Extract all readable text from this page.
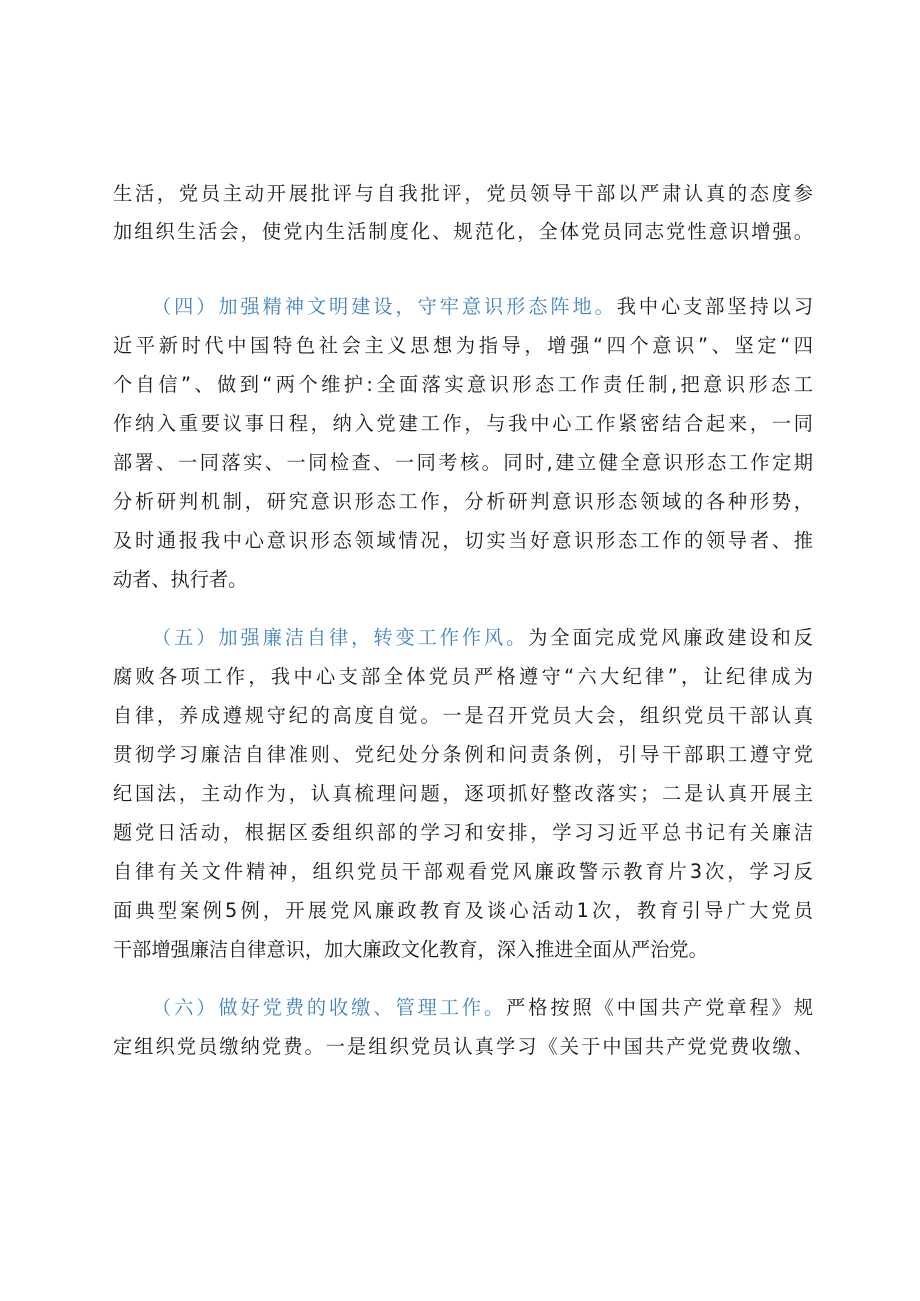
生活，党员主动开展批评与自我批评，党员领导干部以严肃认真的态度参
加组织生活会，使党内生活制度化、规范化，全体党员同志党性意识增强。
（四）加强精神文明建设，守牢意识形态阵地。我中心支部坚持以习
近平新时代中国特色社会主义思想为指导，增强“四个意识”、坚定“四
个自信”、做到“两个维护:全面落实意识形态工作责任制,把意识形态工
作纳入重要议事日程，纳入党建工作，与我中心工作紧密结合起来，一同
部署、一同落实、一同检查、一同考核。同时,建立健全意识形态工作定期
分析研判机制，研究意识形态工作，分析研判意识形态领域的各种形势，
及时通报我中心意识形态领域情况，切实当好意识形态工作的领导者、推
动者、执行者。
（五）加强廉洁自律，转变工作作风。为全面完成党风廉政建设和反
腐败各项工作，我中心支部全体党员严格遵守“六大纪律”，让纪律成为
自律，养成遵规守纪的高度自觉。一是召开党员大会，组织党员干部认真
贯彻学习廉洁自律准则、党纪处分条例和问责条例，引导干部职工遵守党
纪国法，主动作为，认真梳理问题，逐项抓好整改落实；二是认真开展主
题党日活动，根据区委组织部的学习和安排，学习习近平总书记有关廉洁
自律有关文件精神，组织党员干部观看党风廉政警示教育片3次，学习反
面典型案例5例，开展党风廉政教育及谈心活动1次，教育引导广大党员
干部增强廉洁自律意识，加大廉政文化教育，深入推进全面从严治党。
（六）做好党费的收缴、管理工作。严格按照《中国共产党章程》规
定组织党员缴纳党费。一是组织党员认真学习《关于中国共产党党费收缴、
